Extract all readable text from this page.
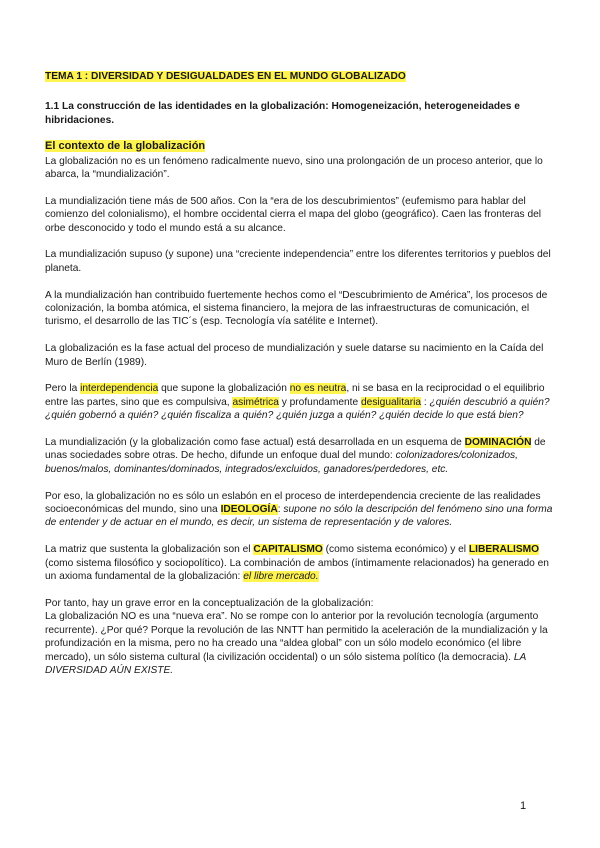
TEMA 1 : DIVERSIDAD Y DESIGUALDADES EN EL MUNDO GLOBALIZADO

1.1 La construcción de las identidades en la globalización: Homogeneización, heterogeneidades e hibridaciones.

El contexto de la globalización

La globalización no es un fenómeno radicalmente nuevo, sino una prolongación de un proceso anterior, que lo abarca, la “mundialización”.

La mundialización tiene más de 500 años. Con la “era de los descubrimientos” (eufemismo para hablar del comienzo del colonialismo), el hombre occidental cierra el mapa del globo (geográfico). Caen las fronteras del orbe desconocido y todo el mundo está a su alcance.

La mundialización supuso (y supone) una “creciente independencia” entre los diferentes territorios y pueblos del planeta.

A la mundialización han contribuido fuertemente hechos como el “Descubrimiento de América”, los procesos de colonización, la bomba atómica, el sistema financiero, la mejora de las infraestructuras de comunicación, el turismo, el desarrollo de las TIC´s (esp. Tecnología vía satélite e Internet).

La globalización es la fase actual del proceso de mundialización y suele datarse su nacimiento en la Caída del Muro de Berlín (1989).

Pero la interdependencia que supone la globalización no es neutra, ni se basa en la reciprocidad o el equilibrio entre las partes, sino que es compulsiva, asimétrica y profundamente desigualitaria : ¿quién descubrió a quién? ¿quién gobernó a quién? ¿quién fiscaliza a quién? ¿quién juzga a quién? ¿quién decide lo que está bien?

La mundialización (y la globalización como fase actual) está desarrollada en un esquema de DOMINACIÓN de unas sociedades sobre otras. De hecho, difunde un enfoque dual del mundo: colonizadores/colonizados, buenos/malos, dominantes/dominados, integrados/excluidos, ganadores/perdedores, etc.

Por eso, la globalización no es sólo un eslabón en el proceso de interdependencia creciente de las realidades socioeconómicas del mundo, sino una IDEOLOGÍA: supone no sólo la descripción del fenómeno sino una forma de entender y de actuar en el mundo, es decir, un sistema de representación y de valores.

La matriz que sustenta la globalización son el CAPITALISMO (como sistema económico) y el LIBERALISMO (como sistema filosófico y sociopolítico). La combinación de ambos (íntimamente relacionados) ha generado en un axioma fundamental de la globalización: el libre mercado.

Por tanto, hay un grave error en la conceptualización de la globalización:

La globalización NO es una “nueva era”. No se rompe con lo anterior por la revolución tecnología (argumento recurrente). ¿Por qué? Porque la revolución de las NNTT han permitido la aceleración de la mundialización y la profundización en la misma, pero no ha creado una “aldea global” con un sólo modelo económico (el libre mercado), un sólo sistema cultural (la civilización occidental) o un sólo sistema político (la democracia). LA DIVERSIDAD AÚN EXISTE.

1
